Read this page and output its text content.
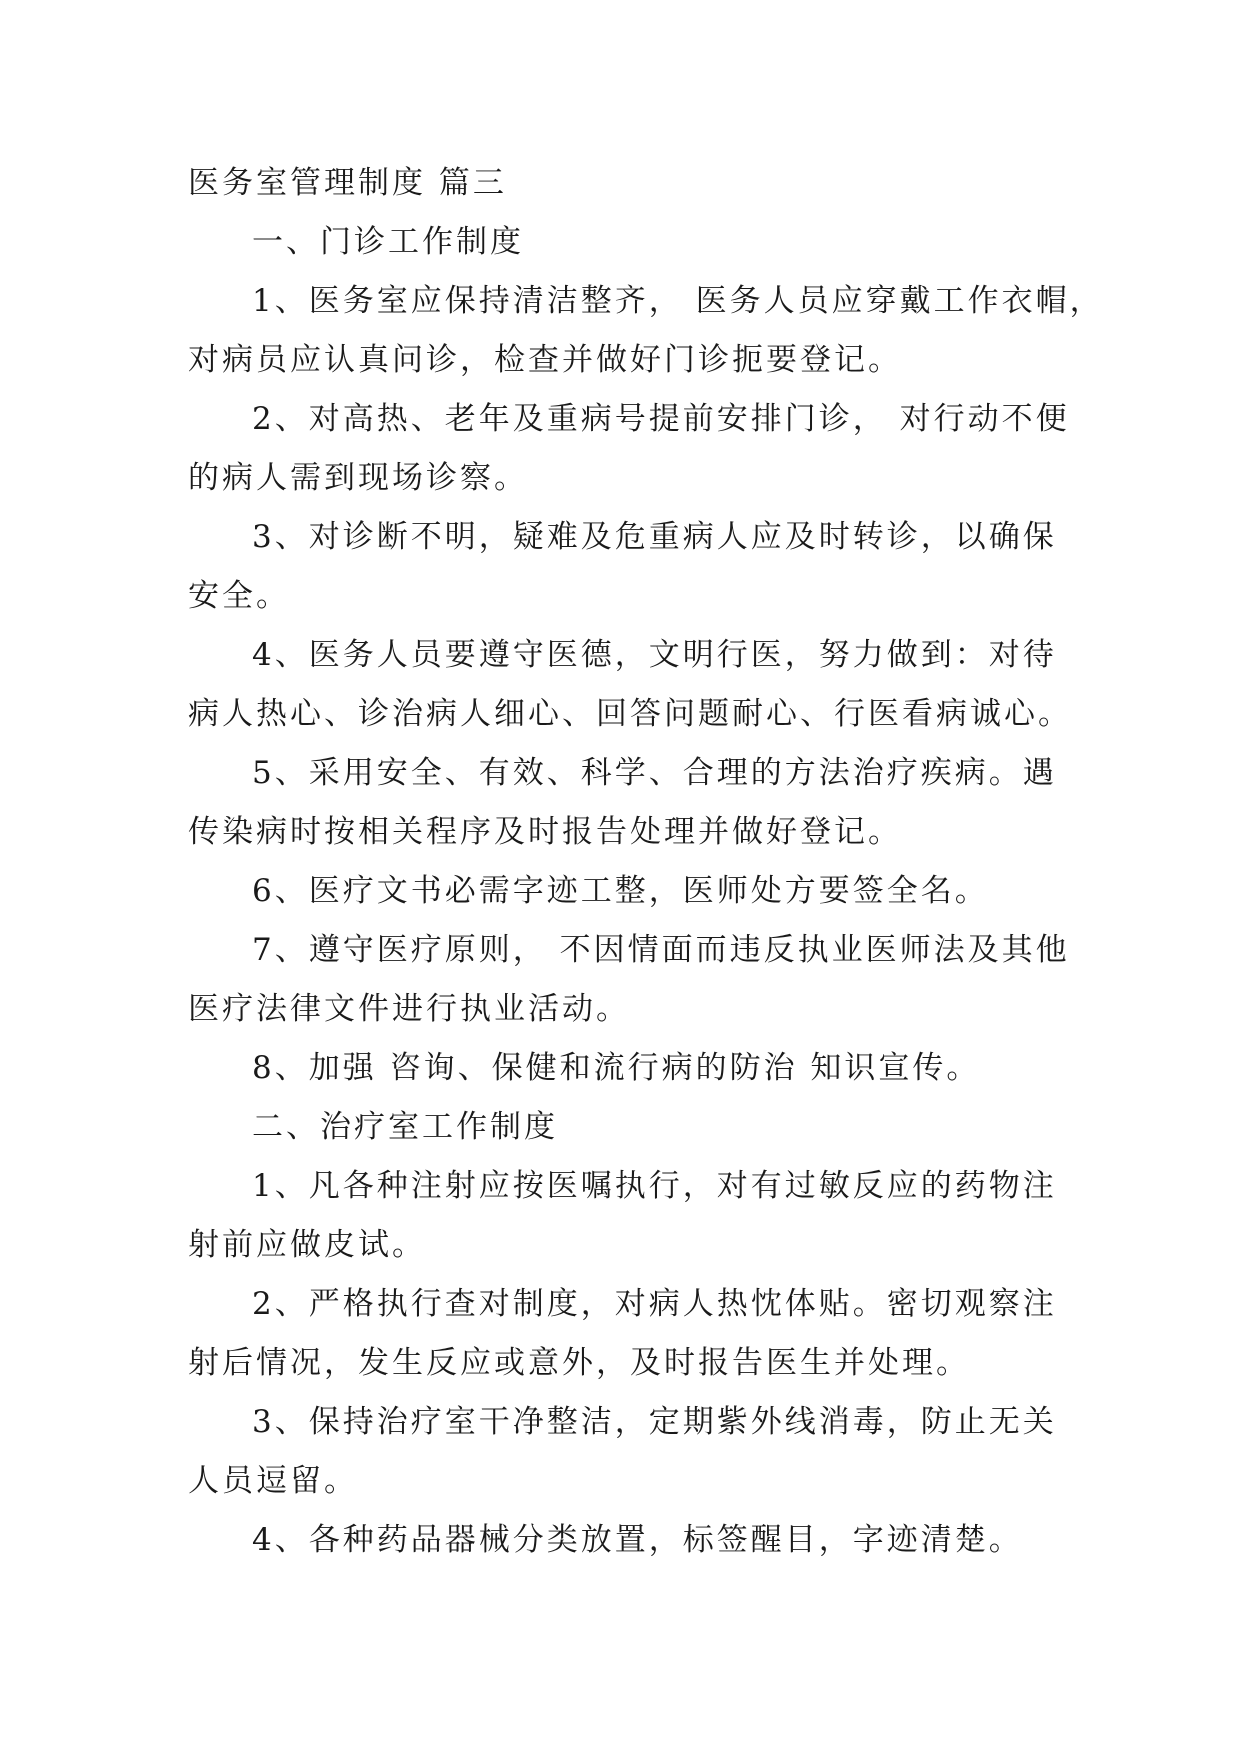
医务室管理制度 篇三
一、门诊工作制度
1、医务室应保持清洁整齐， 医务人员应穿戴工作衣帽，
对病员应认真问诊，检查并做好门诊扼要登记。
2、对高热、老年及重病号提前安排门诊， 对行动不便
的病人需到现场诊察。
3、对诊断不明，疑难及危重病人应及时转诊，以确保
安全。
4、医务人员要遵守医德，文明行医，努力做到：对待
病人热心、诊治病人细心、回答问题耐心、行医看病诚心。
5、采用安全、有效、科学、合理的方法治疗疾病。遇
传染病时按相关程序及时报告处理并做好登记。
6、医疗文书必需字迹工整，医师处方要签全名。
7、遵守医疗原则， 不因情面而违反执业医师法及其他
医疗法律文件进行执业活动。
8、加强 咨询、保健和流行病的防治 知识宣传。
二、治疗室工作制度
1、凡各种注射应按医嘱执行，对有过敏反应的药物注
射前应做皮试。
2、严格执行查对制度，对病人热忱体贴。密切观察注
射后情况，发生反应或意外，及时报告医生并处理。
3、保持治疗室干净整洁，定期紫外线消毒，防止无关
人员逗留。
4、各种药品器械分类放置，标签醒目，字迹清楚。
